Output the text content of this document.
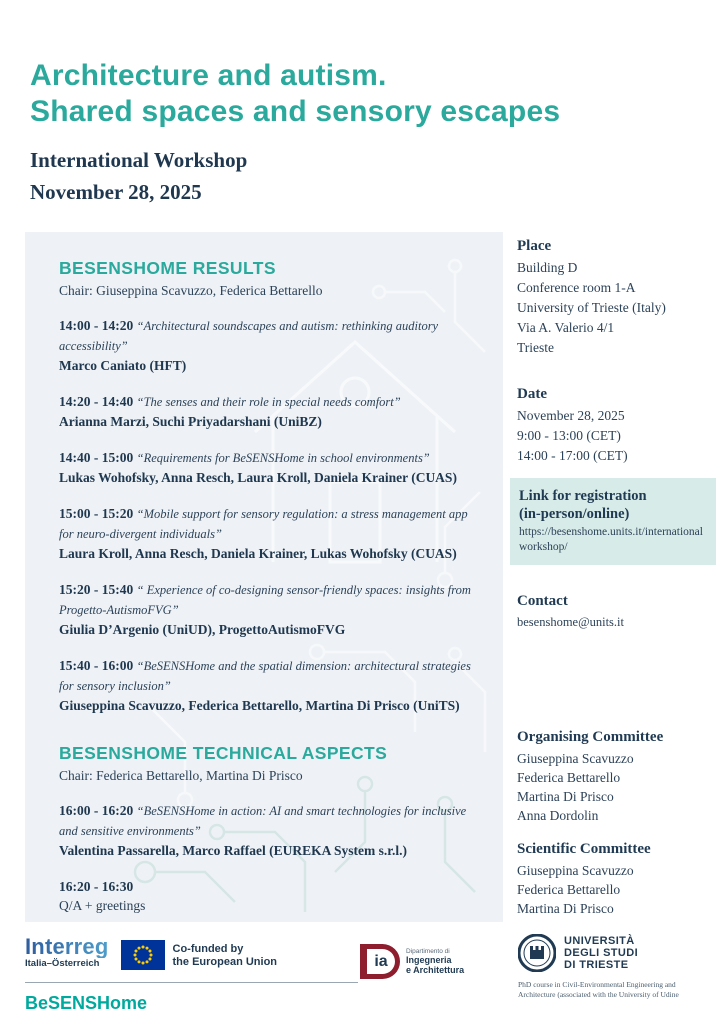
Architecture and autism.
Shared spaces and sensory escapes
International Workshop
November 28, 2025
BESENSHOME RESULTS
Chair: Giuseppina Scavuzzo, Federica Bettarello
14:00 - 14:20 “Architectural soundscapes and autism: rethinking auditory accessibility”
Marco Caniato (HFT)
14:20 - 14:40 “The senses and their role in special needs comfort”
Arianna Marzi, Suchi Priyadarshani (UniBZ)
14:40 - 15:00 “Requirements for BeSENSHome in school environments”
Lukas Wohofsky, Anna Resch, Laura Kroll, Daniela Krainer (CUAS)
15:00 - 15:20 “Mobile support for sensory regulation: a stress management app for neuro-divergent individuals”
Laura Kroll, Anna Resch, Daniela Krainer, Lukas Wohofsky (CUAS)
15:20 - 15:40 “ Experience of co-designing sensor-friendly spaces: insights from Progetto-AutismoFVG”
Giulia D’Argenio (UniUD), ProgettoAutismoFVG
15:40 - 16:00 “BeSENSHome and the spatial dimension: architectural strategies for sensory inclusion”
Giuseppina Scavuzzo, Federica Bettarello, Martina Di Prisco (UniTS)
BESENSHOME TECHNICAL ASPECTS
Chair: Federica Bettarello, Martina Di Prisco
16:00 - 16:20 “BeSENSHome in action: AI and smart technologies for inclusive and sensitive environments”
Valentina Passarella, Marco Raffael (EUREKA System s.r.l.)
16:20 - 16:30
Q/A + greetings
Place
Building D
Conference room 1-A
University of Trieste (Italy)
Via A. Valerio 4/1
Trieste
Date
November 28, 2025
9:00 - 13:00 (CET)
14:00 - 17:00 (CET)
Link for registration
(in-person/online)
https://besenshome.units.it/internationalworkshop/
Contact
besenshome@units.it
Organising Committee
Giuseppina Scavuzzo
Federica Bettarello
Martina Di Prisco
Anna Dordolin
Scientific Committee
Giuseppina Scavuzzo
Federica Bettarello
Martina Di Prisco
Interreg
Italia–Österreich
Co-funded by
the European Union
BeSENSHome
ia
Dipartimento di
Ingegneria
e Architettura
UNIVERSITÀ
DEGLI STUDI
DI TRIESTE
PhD course in Civil-Environmental Engineering and Architecture (associated with the University of Udine
